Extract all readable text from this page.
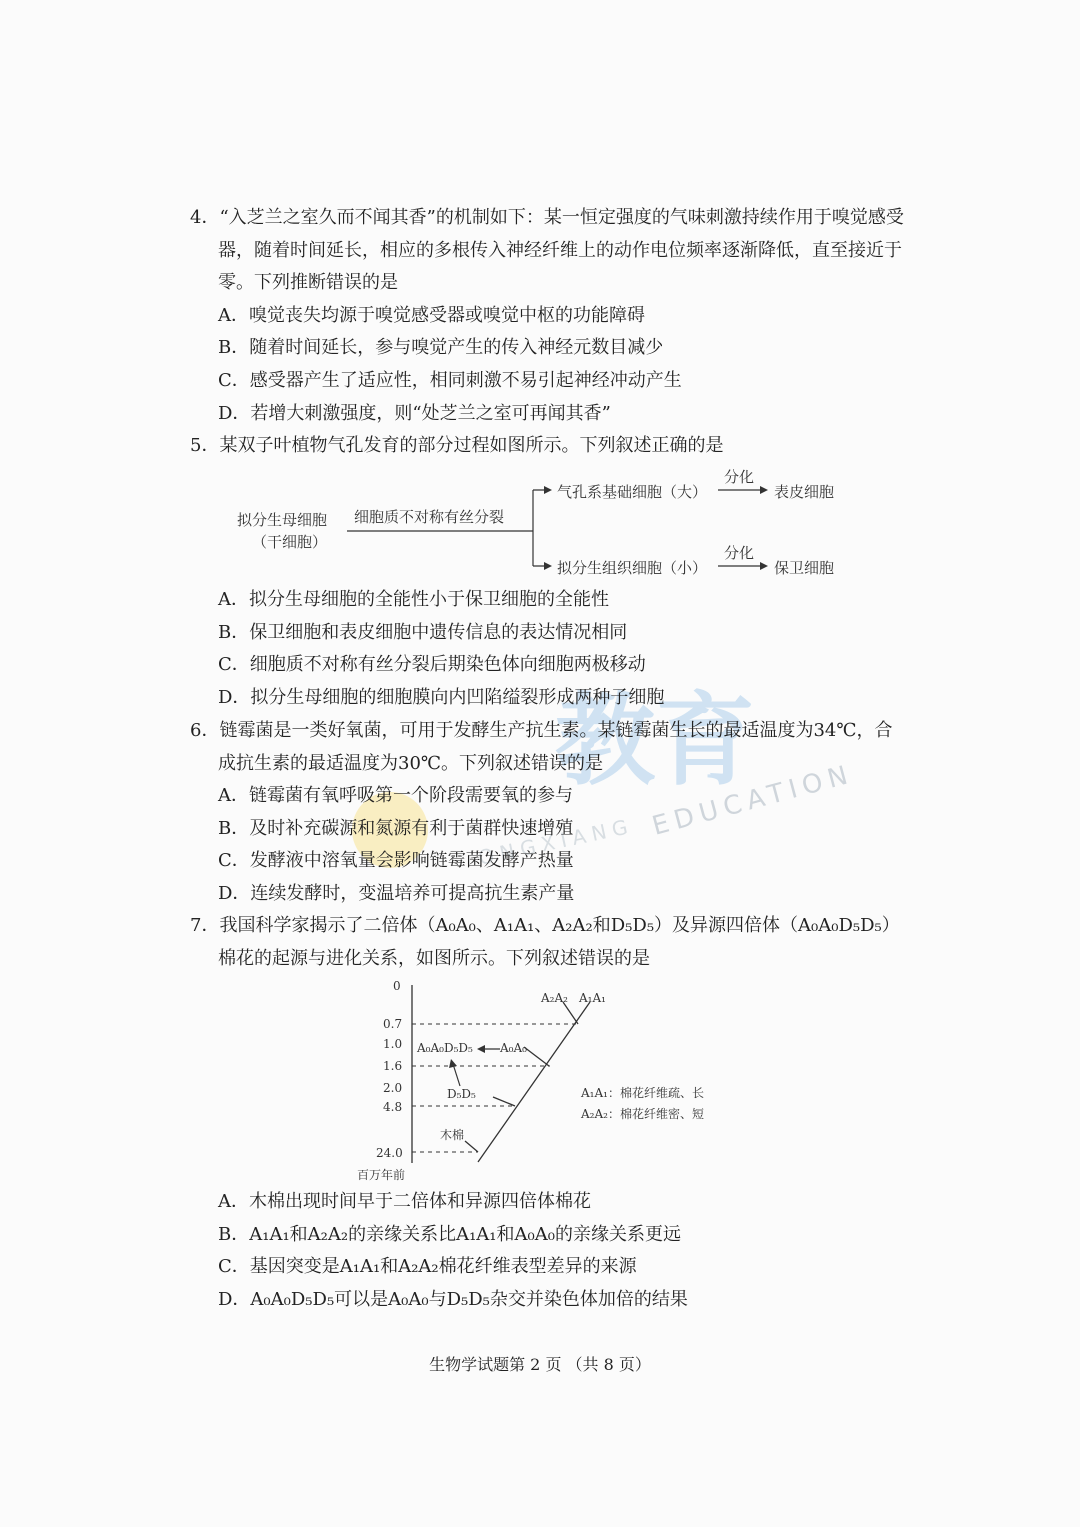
教育
EDUCATION
ONGXIANG
4．“入芝兰之室久而不闻其香”的机制如下：某一恒定强度的气味刺激持续作用于嗅觉感受器，随着时间延长，相应的多根传入神经纤维上的动作电位频率逐渐降低，直至接近于零。下列推断错误的是
A．嗅觉丧失均源于嗅觉感受器或嗅觉中枢的功能障碍
B．随着时间延长，参与嗅觉产生的传入神经元数目减少
C．感受器产生了适应性，相同刺激不易引起神经冲动产生
D．若增大刺激强度，则“处芝兰之室可再闻其香”
5．某双子叶植物气孔发育的部分过程如图所示。下列叙述正确的是
拟分生母细胞
（干细胞）
细胞质不对称有丝分裂
气孔系基础细胞（大）
分化
表皮细胞
拟分生组织细胞（小）
分化
保卫细胞
A．拟分生母细胞的全能性小于保卫细胞的全能性
B．保卫细胞和表皮细胞中遗传信息的表达情况相同
C．细胞质不对称有丝分裂后期染色体向细胞两极移动
D．拟分生母细胞的细胞膜向内凹陷缢裂形成两种子细胞
6．链霉菌是一类好氧菌，可用于发酵生产抗生素。某链霉菌生长的最适温度为34℃，合成抗生素的最适温度为30℃。下列叙述错误的是
A．链霉菌有氧呼吸第一个阶段需要氧的参与
B．及时补充碳源和氮源有利于菌群快速增殖
C．发酵液中溶氧量会影响链霉菌发酵产热量
D．连续发酵时，变温培养可提高抗生素产量
7．我国科学家揭示了二倍体（A₀A₀、A₁A₁、A₂A₂和D₅D₅）及异源四倍体（A₀A₀D₅D₅）棉花的起源与进化关系，如图所示。下列叙述错误的是
0
0.7
1.0
1.6
2.0
4.8
24.0
百万年前
A₂A₂ A₁A₁
A₀A₀D₅D₅ A₀A₀
D₅D₅
木棉
A₁A₁：棉花纤维疏、长
A₂A₂：棉花纤维密、短
A．木棉出现时间早于二倍体和异源四倍体棉花
B．A₁A₁和A₂A₂的亲缘关系比A₁A₁和A₀A₀的亲缘关系更远
C．基因突变是A₁A₁和A₂A₂棉花纤维表型差异的来源
D．A₀A₀D₅D₅可以是A₀A₀与D₅D₅杂交并染色体加倍的结果
生物学试题第 2 页 （共 8 页）
